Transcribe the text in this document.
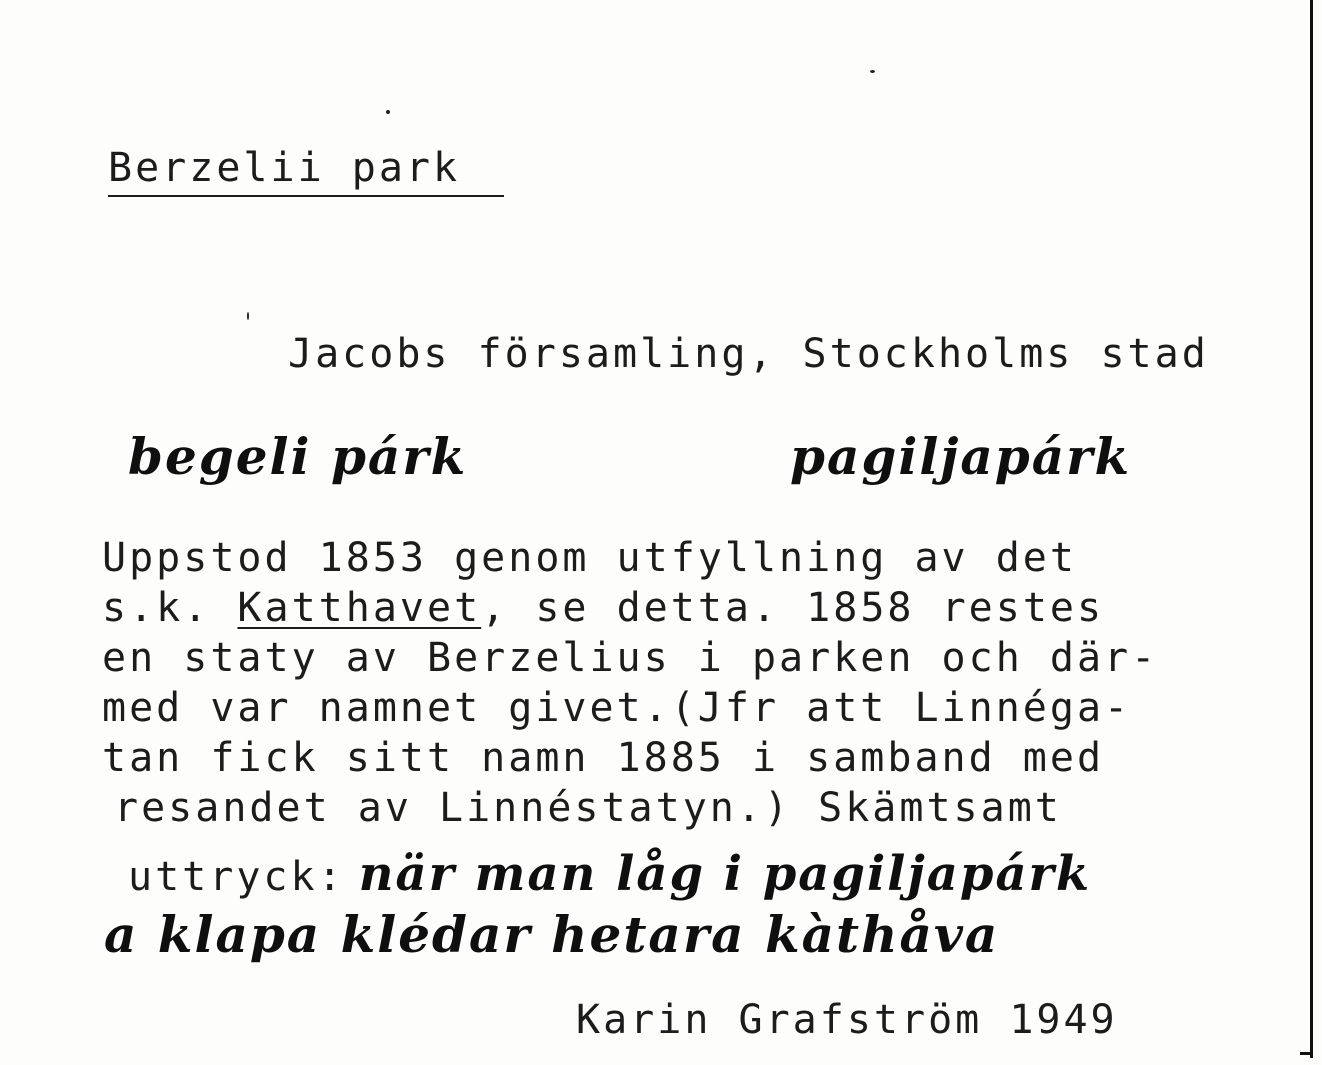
Berzelii park
Jacobs församling, Stockholms stad
begeli párk	pagiljapárk
Uppstod 1853 genom utfyllning av det
s.k. Katthavet, se detta. 1858 restes
en staty av Berzelius i parken och där-
med var namnet givet.(Jfr att Linnéga-
tan fick sitt namn 1885 i samband med
resandet av Linnéstatyn.) Skämtsamt

uttryck: när man låg i pagiljapárk

a klapa klédar hetara kàthåva
Karin Grafström 1949
